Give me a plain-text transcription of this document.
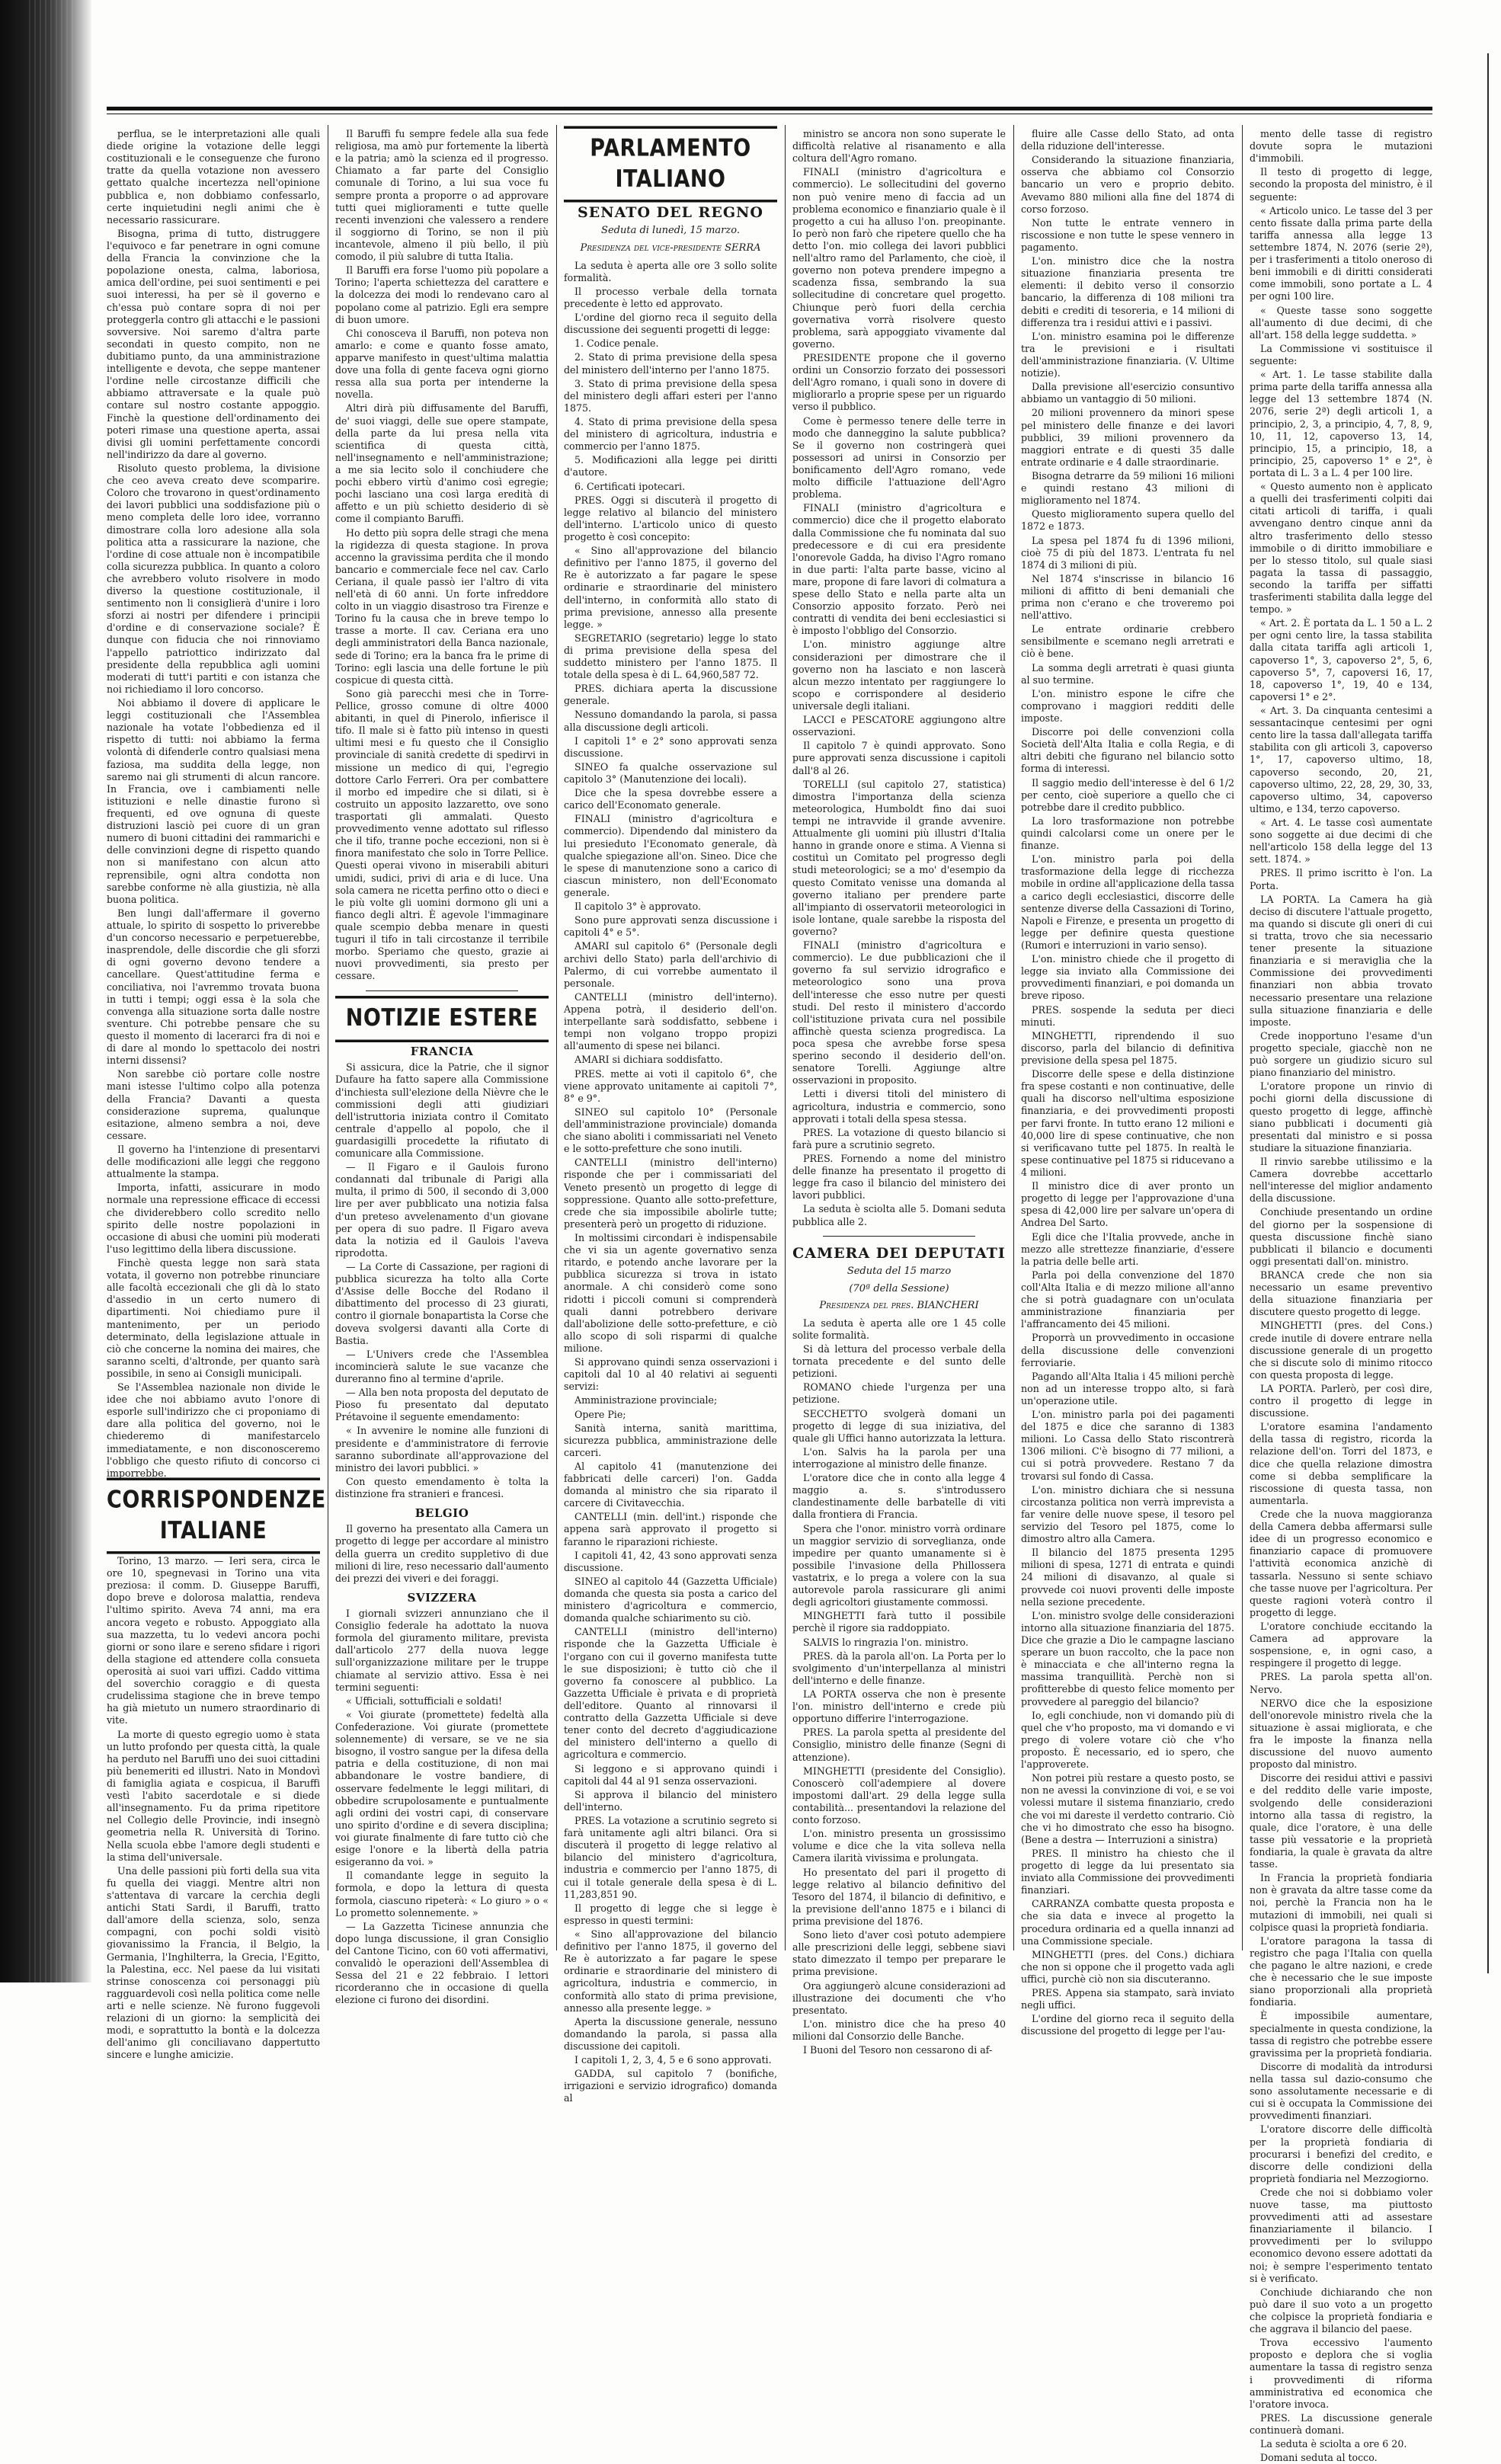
perflua, se le interpretazioni alle quali diede origine la votazione delle leggi costituzionali e le conseguenze che furono tratte da quella votazione non avessero gettato qualche incertezza nell'opinione pubblica e, non dobbiamo confessarlo, certe inquietudini negli animi che è necessario rassicurare.

Bisogna, prima di tutto, distruggere l'equivoco e far penetrare in ogni comune della Francia la convinzione che la popolazione onesta, calma, laboriosa, amica dell'ordine, pei suoi sentimenti e pei suoi interessi, ha per sè il governo e ch'essa può contare sopra di noi per proteggerla contro gli attacchi e le passioni sovversive. Noi saremo d'altra parte secondati in questo compito, non ne dubitiamo punto, da una amministrazione intelligente e devota, che seppe mantener l'ordine nelle circostanze difficili che abbiamo attraversate e la quale può contare sul nostro costante appoggio. Finchè la questione dell'ordinamento dei poteri rimase una questione aperta, assai divisi gli uomini perfettamente concordi nell'indirizzo da dare al governo.

Risoluto questo problema, la divisione che ceo aveva creato deve scomparire. Coloro che trovarono in quest'ordinamento dei lavori pubblici una soddisfazione più o meno completa delle loro idee, vorranno dimostrare colla loro adesione alla sola politica atta a rassicurare la nazione, che l'ordine di cose attuale non è incompatibile colla sicurezza pubblica. In quanto a coloro che avrebbero voluto risolvere in modo diverso la questione costituzionale, il sentimento non li consiglierà d'unire i loro sforzi ai nostri per difendere i principii d'ordine e di conservazione sociale? È dunque con fiducia che noi rinnoviamo l'appello patriottico indirizzato dal presidente della repubblica agli uomini moderati di tutt'i partiti e con istanza che noi richiediamo il loro concorso.

Noi abbiamo il dovere di applicare le leggi costituzionali che l'Assemblea nazionale ha votate l'obbedienza ed il rispetto di tutti: noi abbiamo la ferma volontà di difenderle contro qualsiasi mena faziosa, ma suddita della legge, non saremo nai gli strumenti di alcun rancore. In Francia, ove i cambiamenti nelle istituzioni e nelle dinastie furono sì frequenti, ed ove ognuna di queste distruzioni lasciò pei cuore di un gran numero di buoni cittadini dei rammarichi e delle convinzioni degne di rispetto quando non si manifestano con alcun atto reprensibile, ogni altra condotta non sarebbe conforme nè alla giustizia, nè alla buona politica.

Ben lungi dall'affermare il governo attuale, lo spirito di sospetto lo priverebbe d'un concorso necessario e perpetuerebbe, inasprendole, delle discordie che gli sforzi di ogni governo devono tendere a cancellare. Quest'attitudine ferma e conciliativa, noi l'avremmo trovata buona in tutti i tempi; oggi essa è la sola che convenga alla situazione sorta dalle nostre sventure. Chi potrebbe pensare che su questo il momento di lacerarci fra di noi e di dare al mondo lo spettacolo dei nostri interni dissensi?

Non sarebbe ciò portare colle nostre mani istesse l'ultimo colpo alla potenza della Francia? Davanti a questa considerazione suprema, qualunque esitazione, almeno sembra a noi, deve cessare.

Il governo ha l'intenzione di presentarvi delle modificazioni alle leggi che reggono attualmente la stampa.

Importa, infatti, assicurare in modo normale una repressione efficace di eccessi che dividerebbero collo scredito nello spirito delle nostre popolazioni in occasione di abusi che uomini più moderati l'uso legittimo della libera discussione.

Finchè questa legge non sarà stata votata, il governo non potrebbe rinunciare alle facoltà eccezionali che gli dà lo stato d'assedio in un certo numero di dipartimenti. Noi chiediamo pure il mantenimento, per un periodo determinato, della legislazione attuale in ciò che concerne la nomina dei maires, che saranno scelti, d'altronde, per quanto sarà possibile, in seno ai Consigli municipali.

Se l'Assemblea nazionale non divide le idee che noi abbiamo avuto l'onore di esporle sull'indirizzo che ci proponiamo di dare alla politica del governo, noi le chiederemo di manifestarcelo immediatamente, e non disconosceremo l'obbligo che questo rifiuto di concorso ci imporrebbe.

CORRISPONDENZE ITALIANE

Torino, 13 marzo. — Ieri sera, circa le ore 10, spegnevasi in Torino una vita preziosa: il comm. D. Giuseppe Baruffi, dopo breve e dolorosa malattia, rendeva l'ultimo spirito. Aveva 74 anni, ma era ancora vegeto e robusto. Appoggiato alla sua mazzetta, tu lo vedevi ancora pochi giorni or sono ilare e sereno sfidare i rigori della stagione ed attendere colla consueta operosità ai suoi vari uffizi. Caddo vittima del soverchio coraggio e di questa crudelissima stagione che in breve tempo ha già mietuto un numero straordinario di vite.

La morte di questo egregio uomo è stata un lutto profondo per questa città, la quale ha perduto nel Baruffi uno dei suoi cittadini più benemeriti ed illustri. Nato in Mondovì di famiglia agiata e cospicua, il Baruffi vestì l'abito sacerdotale e si diede all'insegnamento. Fu da prima ripetitore nel Collegio delle Provincie, indi insegnò geometria nella R. Università di Torino. Nella scuola ebbe l'amore degli studenti e la stima dell'universale.

Una delle passioni più forti della sua vita fu quella dei viaggi. Mentre altri non s'attentava di varcare la cerchia degli antichi Stati Sardi, il Baruffi, tratto dall'amore della scienza, solo, senza compagni, con pochi soldi visitò giovanissimo la Francia, il Belgio, la Germania, l'Inghilterra, la Grecia, l'Egitto, la Palestina, ecc. Nel paese da lui visitati strinse conoscenza coi personaggi più ragguardevoli così nella politica come nelle arti e nelle scienze. Nè furono fuggevoli relazioni di un giorno: la semplicità dei modi, e soprattutto la bontà e la dolcezza dell'animo gli conciliavano dappertutto sincere e lunghe amicizie.

Il Baruffi fu sempre fedele alla sua fede religiosa, ma amò pur fortemente la libertà e la patria; amò la scienza ed il progresso. Chiamato a far parte del Consiglio comunale di Torino, a lui sua voce fu sempre pronta a proporre o ad approvare tutti quei miglioramenti e tutte quelle recenti invenzioni che valessero a rendere il soggiorno di Torino, se non il più incantevole, almeno il più bello, il più comodo, il più salubre di tutta Italia.

Il Baruffi era forse l'uomo più popolare a Torino; l'aperta schiettezza del carattere e la dolcezza dei modi lo rendevano caro al popolano come al patrizio. Egli era sempre di buon umore.

Chi conosceva il Baruffi, non poteva non amarlo: e come e quanto fosse amato, apparve manifesto in quest'ultima malattia dove una folla di gente faceva ogni giorno ressa alla sua porta per intenderne la novella.

Altri dirà più diffusamente del Baruffi, de' suoi viaggi, delle sue opere stampate, della parte da lui presa nella vita scientifica di questa città, nell'insegnamento e nell'amministrazione; a me sia lecito solo il conchiudere che pochi ebbero virtù d'animo così egregie; pochi lasciano una così larga eredità di affetto e un più schietto desiderio di sè come il compianto Baruffi.

Ho detto più sopra delle stragi che mena la rigidezza di questa stagione. In prova accenno la gravissima perdita che il mondo bancario e commerciale fece nel cav. Carlo Ceriana, il quale passò ier l'altro di vita nell'età di 60 anni. Un forte infreddore colto in un viaggio disastroso tra Firenze e Torino fu la causa che in breve tempo lo trasse a morte. Il cav. Ceriana era uno degli amministratori della Banca nazionale, sede di Torino; era la banca fra le prime di Torino: egli lascia una delle fortune le più cospicue di questa città.

Sono già parecchi mesi che in Torre-Pellice, grosso comune di oltre 4000 abitanti, in quel di Pinerolo, infierisce il tifo. Il male si è fatto più intenso in questi ultimi mesi e fu questo che il Consiglio provinciale di sanità credette di spedirvi in missione un medico di qui, l'egregio dottore Carlo Ferreri. Ora per combattere il morbo ed impedire che si dilati, si è costruito un apposito lazzaretto, ove sono trasportati gli ammalati. Questo provvedimento venne adottato sul riflesso che il tifo, tranne poche eccezioni, non si è finora manifestato che solo in Torre Pellice. Questi operai vivono in miserabili abituri umidi, sudici, privi di aria e di luce. Una sola camera ne ricetta perfino otto o dieci e le più volte gli uomini dormono gli uni a fianco degli altri. È agevole l'immaginare quale scempio debba menare in questi tuguri il tifo in tali circostanze il terribile morbo. Speriamo che questo, grazie ai nuovi provvedimenti, sia presto per cessare.

NOTIZIE ESTERE
FRANCIA

Si assicura, dice la Patrie, che il signor Dufaure ha fatto sapere alla Commissione d'inchiesta sull'elezione della Nièvre che le commissioni degli atti giudiziari dell'istruttoria iniziata contro il Comitato centrale d'appello al popolo, che il guardasigilli procedette la rifiutato di comunicare alla Commissione.

— Il Figaro e il Gaulois furono condannati dal tribunale di Parigi alla multa, il primo di 500, il secondo di 3,000 lire per aver pubblicato una notizia falsa d'un preteso avvelenamento d'un giovane per opera di suo padre. Il Figaro aveva data la notizia ed il Gaulois l'aveva riprodotta.

— La Corte di Cassazione, per ragioni di pubblica sicurezza ha tolto alla Corte d'Assise delle Bocche del Rodano il dibattimento del processo di 23 giurati, contro il giornale bonapartista la Corse che doveva svolgersi davanti alla Corte di Bastia.

— L'Univers crede che l'Assemblea incomincierà salute le sue vacanze che dureranno fino al termine d'aprile.

— Alla ben nota proposta del deputato de Pioso fu presentato dal deputato Prétavoine il seguente emendamento:

« In avvenire le nomine alle funzioni di presidente e d'amministratore di ferrovie saranno subordinate all'approvazione del ministro dei lavori pubblici. »

Con questo emendamento è tolta la distinzione fra stranieri e francesi.

BELGIO

Il governo ha presentato alla Camera un progetto di legge per accordare al ministro della guerra un credito suppletivo di due milioni di lire, reso necessario dall'aumento dei prezzi dei viveri e dei foraggi.

SVIZZERA

I giornali svizzeri annunziano che il Consiglio federale ha adottato la nuova formola del giuramento militare, prevista dall'articolo 277 della nuova legge sull'organizzazione militare per le truppe chiamate al servizio attivo. Essa è nei termini seguenti:

« Ufficiali, sottufficiali e soldati!

« Voi giurate (promettete) fedeltà alla Confederazione. Voi giurate (promettete solennemente) di versare, se ve ne sia bisogno, il vostro sangue per la difesa della patria e della costituzione, di non mai abbandonare le vostre bandiere, di osservare fedelmente le leggi militari, di obbedire scrupolosamente e puntualmente agli ordini dei vostri capi, di conservare uno spirito d'ordine e di severa disciplina; voi giurate finalmente di fare tutto ciò che esige l'onore e la libertà della patria esigeranno da voi. »

Il comandante legge in seguito la formola, e dopo la lettura di questa formola, ciascuno ripeterà: « Lo giuro » o « Lo prometto solennemente. »

— La Gazzetta Ticinese annunzia che dopo lunga discussione, il gran Consiglio del Cantone Ticino, con 60 voti affermativi, convalidò le operazioni dell'Assemblea di Sessa del 21 e 22 febbraio. I lettori ricorderanno che in occasione di quella elezione ci furono dei disordini.

PARLAMENTO ITALIANO
SENATO DEL REGNO
Seduta di lunedì, 15 marzo.
Presidenza del vice-presidente SERRA

La seduta è aperta alle ore 3 sollo solite formalità.

Il processo verbale della tornata precedente è letto ed approvato.

L'ordine del giorno reca il seguito della discussione dei seguenti progetti di legge:

1. Codice penale.

2. Stato di prima previsione della spesa del ministero dell'interno per l'anno 1875.

3. Stato di prima previsione della spesa del ministero degli affari esteri per l'anno 1875.

4. Stato di prima previsione della spesa del ministero di agricoltura, industria e commercio per l'anno 1875.

5. Modificazioni alla legge pei diritti d'autore.

6. Certificati ipotecari.

PRES. Oggi si discuterà il progetto di legge relativo al bilancio del ministero dell'interno. L'articolo unico di questo progetto è così concepito:

« Sino all'approvazione del bilancio definitivo per l'anno 1875, il governo del Re è autorizzato a far pagare le spese ordinarie e straordinarie del ministero dell'interno, in conformità allo stato di prima previsione, annesso alla presente legge. »

SEGRETARIO (segretario) legge lo stato di prima previsione della spesa del suddetto ministero per l'anno 1875. Il totale della spesa è di L. 64,960,587 72.

PRES. dichiara aperta la discussione generale.

Nessuno domandando la parola, si passa alla discussione degli articoli.

I capitoli 1° e 2° sono approvati senza discussione.

SINEO fa qualche osservazione sul capitolo 3° (Manutenzione dei locali).

Dice che la spesa dovrebbe essere a carico dell'Economato generale.

FINALI (ministro d'agricoltura e commercio). Dipendendo dal ministero da lui presieduto l'Economato generale, dà qualche spiegazione all'on. Sineo. Dice che le spese di manutenzione sono a carico di ciascun ministero, non dell'Economato generale.

Il capitolo 3° è approvato.

Sono pure approvati senza discussione i capitoli 4° e 5°.

AMARI sul capitolo 6° (Personale degli archivi dello Stato) parla dell'archivio di Palermo, di cui vorrebbe aumentato il personale.

CANTELLI (ministro dell'interno). Appena potrà, il desiderio dell'on. interpellante sarà soddisfatto, sebbene i tempi non volgano troppo propizi all'aumento di spese nei bilanci.

AMARI si dichiara soddisfatto.

PRES. mette ai voti il capitolo 6°, che viene approvato unitamente ai capitoli 7°, 8° e 9°.

SINEO sul capitolo 10° (Personale dell'amministrazione provinciale) domanda che siano aboliti i commissariati nel Veneto e le sotto-prefetture che sono inutili.

CANTELLI (ministro dell'interno) risponde che per i commissariati del Veneto presentò un progetto di legge di soppressione. Quanto alle sotto-prefetture, crede che sia impossibile abolirle tutte; presenterà però un progetto di riduzione.

In moltissimi circondari è indispensabile che vi sia un agente governativo senza ritardo, e potendo anche lavorare per la pubblica sicurezza si trova in istato anormale. A chi considerò come sono ridotti i piccoli comuni si comprenderà quali danni potrebbero derivare dall'abolizione delle sotto-prefetture, e ciò allo scopo di soli risparmi di qualche milione.

Si approvano quindi senza osservazioni i capitoli dal 10 al 40 relativi ai seguenti servizi:

Amministrazione provinciale;

Opere Pie;

Sanità interna, sanità marittima, sicurezza pubblica, amministrazione delle carceri.

Al capitolo 41 (manutenzione dei fabbricati delle carceri) l'on. Gadda domanda al ministro che sia riparato il carcere di Civitavecchia.

CANTELLI (min. dell'int.) risponde che appena sarà approvato il progetto si faranno le riparazioni richieste.

I capitoli 41, 42, 43 sono approvati senza discussione.

SINEO al capitolo 44 (Gazzetta Ufficiale) domanda che questa sia posta a carico del ministero d'agricoltura e commercio, domanda qualche schiarimento su ciò.

CANTELLI (ministro dell'interno) risponde che la Gazzetta Ufficiale è l'organo con cui il governo manifesta tutte le sue disposizioni; è tutto ciò che il governo fa conoscere al pubblico. La Gazzetta Ufficiale è privata e di proprietà dell'editore. Quanto al rinnovarsi il contratto della Gazzetta Ufficiale si deve tener conto del decreto d'aggiudicazione del ministero dell'interno a quello di agricoltura e commercio.

Si leggono e si approvano quindi i capitoli dal 44 al 91 senza osservazioni.

Si approva il bilancio del ministero dell'interno.

PRES. La votazione a scrutinio segreto si farà unitamente agli altri bilanci. Ora si discuterà il progetto di legge relativo al bilancio del ministero d'agricoltura, industria e commercio per l'anno 1875, di cui il totale generale della spesa è di L. 11,283,851 90.

Il progetto di legge che si legge è espresso in questi termini:

« Sino all'approvazione del bilancio definitivo per l'anno 1875, il governo del Re è autorizzato a far pagare le spese ordinarie e straordinarie del ministero di agricoltura, industria e commercio, in conformità allo stato di prima previsione, annesso alla presente legge. »

Aperta la discussione generale, nessuno domandando la parola, si passa alla discussione dei capitoli.

I capitoli 1, 2, 3, 4, 5 e 6 sono approvati.

GADDA, sul capitolo 7 (bonifiche, irrigazioni e servizio idrografico) domanda al

ministro se ancora non sono superate le difficoltà relative al risanamento e alla coltura dell'Agro romano.

FINALI (ministro d'agricoltura e commercio). Le sollecitudini del governo non può venire meno di faccia ad un problema economico e finanziario quale è il progetto a cui ha alluso l'on. preopinante. Io però non farò che ripetere quello che ha detto l'on. mio collega dei lavori pubblici nell'altro ramo del Parlamento, che cioè, il governo non poteva prendere impegno a scadenza fissa, sembrando la sua sollecitudine di concretare quel progetto. Chiunque però fuori della cerchia governativa vorrà risolvere questo problema, sarà appoggiato vivamente dal governo.

PRESIDENTE propone che il governo ordini un Consorzio forzato dei possessori dell'Agro romano, i quali sono in dovere di migliorarlo a proprie spese per un riguardo verso il pubblico.

Come è permesso tenere delle terre in modo che danneggino la salute pubblica? Se il governo non costringerà quei possessori ad unirsi in Consorzio per bonificamento dell'Agro romano, vede molto difficile l'attuazione dell'Agro problema.

FINALI (ministro d'agricoltura e commercio) dice che il progetto elaborato dalla Commissione che fu nominata dal suo predecessore e di cui era presidente l'onorevole Gadda, ha diviso l'Agro romano in due parti: l'alta parte basse, vicino al mare, propone di fare lavori di colmatura a spese dello Stato e nella parte alta un Consorzio apposito forzato. Però nei contratti di vendita dei beni ecclesiastici si è imposto l'obbligo del Consorzio.

L'on. ministro aggiunge altre considerazioni per dimostrare che il governo non ha lasciato e non lascerà alcun mezzo intentato per raggiungere lo scopo e corrispondere al desiderio universale degli italiani.

LACCI e PESCATORE aggiungono altre osservazioni.

Il capitolo 7 è quindi approvato. Sono pure approvati senza discussione i capitoli dall'8 al 26.

TORELLI (sul capitolo 27, statistica) dimostra l'importanza della scienza meteorologica, Humboldt fino dai suoi tempi ne intravvide il grande avvenire. Attualmente gli uomini più illustri d'Italia hanno in grande onore e stima. A Vienna si costituì un Comitato pel progresso degli studi meteorologici; se a mo' d'esempio da questo Comitato venisse una domanda al governo italiano per prendere parte all'impianto di osservatorii meteorologici in isole lontane, quale sarebbe la risposta del governo?

FINALI (ministro d'agricoltura e commercio). Le due pubblicazioni che il governo fa sul servizio idrografico e meteorologico sono una prova dell'interesse che esso nutre per questi studi. Del resto il ministero d'accordo coll'istituzione privata cura nel possibile affinchè questa scienza progredisca. La poca spesa che avrebbe forse spesa sperino secondo il desiderio dell'on. senatore Torelli. Aggiunge altre osservazioni in proposito.

Letti i diversi titoli del ministero di agricoltura, industria e commercio, sono approvati i totali della spesa stessa.

PRES. La votazione di questo bilancio si farà pure a scrutinio segreto.

PRES. Fornendo a nome del ministro delle finanze ha presentato il progetto di legge fra caso il bilancio del ministero dei lavori pubblici.

La seduta è sciolta alle 5. Domani seduta pubblica alle 2.

CAMERA DEI DEPUTATI
Seduta del 15 marzo
(70ª della Sessione)
Presidenza del pres. BIANCHERI

La seduta è aperta alle ore 1 45 colle solite formalità.

Si dà lettura del processo verbale della tornata precedente e del sunto delle petizioni.

ROMANO chiede l'urgenza per una petizione.

SECCHETTO svolgerà domani un progetto di legge di sua iniziativa, del quale gli Uffici hanno autorizzata la lettura.

L'on. Salvis ha la parola per una interrogazione al ministro delle finanze.

L'oratore dice che in conto alla legge 4 maggio a. s. s'introdussero clandestinamente delle barbatelle di viti dalla frontiera di Francia.

Spera che l'onor. ministro vorrà ordinare un maggior servizio di sorveglianza, onde impedire per quanto umanamente si è possibile l'invasione della Phillossera vastatrix, e lo prega a volere con la sua autorevole parola rassicurare gli animi degli agricoltori giustamente commossi.

MINGHETTI farà tutto il possibile perchè il rigore sia raddoppiato.

SALVIS lo ringrazia l'on. ministro.

PRES. dà la parola all'on. La Porta per lo svolgimento d'un'interpellanza al ministri dell'interno e delle finanze.

LA PORTA osserva che non è presente l'on. ministro dell'interno e crede più opportuno differire l'interrogazione.

PRES. La parola spetta al presidente del Consiglio, ministro delle finanze (Segni di attenzione).

MINGHETTI (presidente del Consiglio). Conoscerò coll'adempiere al dovere impostomi dall'art. 29 della legge sulla contabilità... presentandovi la relazione del conto forzoso.

L'on. ministro presenta un grossissimo volume e dice che la vita solleva nella Camera ilarità vivissima e prolungata.

Ho presentato del pari il progetto di legge relativo al bilancio definitivo del Tesoro del 1874, il bilancio di definitivo, e la previsione dell'anno 1875 e i bilanci di prima previsione del 1876.

Sono lieto d'aver così potuto adempiere alle prescrizioni delle leggi, sebbene siavi stato dimezzato il tempo per preparare le prima previsione.

Ora aggiungerò alcune considerazioni ad illustrazione dei documenti che v'ho presentato.

L'on. ministro dice che ha preso 40 milioni dal Consorzio delle Banche.

I Buoni del Tesoro non cessarono di af-

fluire alle Casse dello Stato, ad onta della riduzione dell'interesse.

Considerando la situazione finanziaria, osserva che abbiamo col Consorzio bancario un vero e proprio debito. Avevamo 880 milioni alla fine del 1874 di corso forzoso.

Non tutte le entrate vennero in riscossione e non tutte le spese vennero in pagamento.

L'on. ministro dice che la nostra situazione finanziaria presenta tre elementi: il debito verso il consorzio bancario, la differenza di 108 milioni tra debiti e crediti di tesoreria, e 14 milioni di differenza tra i residui attivi e i passivi.

L'on. ministro esamina poi le differenze tra le previsioni e i risultati dell'amministrazione finanziaria. (V. Ultime notizie).

Dalla previsione all'esercizio consuntivo abbiamo un vantaggio di 50 milioni.

20 milioni provennero da minori spese pel ministero delle finanze e dei lavori pubblici, 39 milioni provennero da maggiori entrate e di questi 35 dalle entrate ordinarie e 4 dalle straordinarie.

Bisogna detrarre da 59 milioni 16 milioni e quindi restano 43 milioni di miglioramento nel 1874.

Questo miglioramento supera quello del 1872 e 1873.

La spesa pel 1874 fu di 1396 milioni, cioè 75 di più del 1873. L'entrata fu nel 1874 di 3 milioni di più.

Nel 1874 s'inscrisse in bilancio 16 milioni di affitto di beni demaniali che prima non c'erano e che troveremo poi nell'attivo.

Le entrate ordinarie crebbero sensibilmente e scemano negli arretrati e ciò è bene.

La somma degli arretrati è quasi giunta al suo termine.

L'on. ministro espone le cifre che comprovano i maggiori redditi delle imposte.

Discorre poi delle convenzioni colla Società dell'Alta Italia e colla Regia, e di altri debiti che figurano nel bilancio sotto forma di interessi.

Il saggio medio dell'interesse è del 6 1/2 per cento, cioè superiore a quello che ci potrebbe dare il credito pubblico.

La loro trasformazione non potrebbe quindi calcolarsi come un onere per le finanze.

L'on. ministro parla poi della trasformazione della legge di ricchezza mobile in ordine all'applicazione della tassa a carico degli ecclesiastici, discorre delle sentenze diverse della Cassazioni di Torino, Napoli e Firenze, e presenta un progetto di legge per definire questa questione (Rumori e interruzioni in vario senso).

L'on. ministro chiede che il progetto di legge sia inviato alla Commissione dei provvedimenti finanziari, e poi domanda un breve riposo.

PRES. sospende la seduta per dieci minuti.

MINGHETTI, riprendendo il suo discorso, parla del bilancio di definitiva previsione della spesa pel 1875.

Discorre delle spese e della distinzione fra spese costanti e non continuative, delle quali ha discorso nell'ultima esposizione finanziaria, e dei provvedimenti proposti per farvi fronte. In tutto erano 12 milioni e 40,000 lire di spese continuative, che non si verificavano tutte pel 1875. In realtà le spese continuative pel 1875 si riducevano a 4 milioni.

Il ministro dice di aver pronto un progetto di legge per l'approvazione d'una spesa di 42,000 lire per salvare un'opera di Andrea Del Sarto.

Egli dice che l'Italia provvede, anche in mezzo alle strettezze finanziarie, d'essere la patria delle belle arti.

Parla poi della convenzione del 1870 coll'Alta Italia e di mezzo milione all'anno che si potrà guadagnare con un'oculata amministrazione finanziaria per l'affrancamento dei 45 milioni.

Proporrà un provvedimento in occasione della discussione delle convenzioni ferroviarie.

Pagando all'Alta Italia i 45 milioni perchè non ad un interesse troppo alto, si farà un'operazione utile.

L'on. ministro parla poi dei pagamenti del 1875 e dice che saranno di 1383 milioni. Lo Cassa dello Stato riscontrerà 1306 milioni. C'è bisogno di 77 milioni, a cui si potrà provvedere. Restano 7 da trovarsi sul fondo di Cassa.

L'on. ministro dichiara che si nessuna circostanza politica non verrà imprevista a far venire delle nuove spese, il tesoro pel servizio del Tesoro pel 1875, come lo dimostro altro alla Camera.

Il bilancio del 1875 presenta 1295 milioni di spesa, 1271 di entrata e quindi 24 milioni di disavanzo, al quale si provvede coi nuovi proventi delle imposte nella sezione precedente.

L'on. ministro svolge delle considerazioni intorno alla situazione finanziaria del 1875. Dice che grazie a Dio le campagne lasciano sperare un buon raccolto, che la pace non è minacciata e che all'interno regna la massima tranquillità. Perchè non si profitterebbe di questo felice momento per provvedere al pareggio del bilancio?

Io, egli conchiude, non vi domando più di quel che v'ho proposto, ma vi domando e vi prego di volere votare ciò che v'ho proposto. È necessario, ed io spero, che l'approverete.

Non potrei più restare a questo posto, se non ne avessi la convinzione di voi, e se voi volessi mutare il sistema finanziario, credo che voi mi dareste il verdetto contrario. Ciò che vi ho dimostrato che esso ha bisogno. (Bene a destra — Interruzioni a sinistra)

PRES. Il ministro ha chiesto che il progetto di legge da lui presentato sia inviato alla Commissione dei provvedimenti finanziari.

CARRANZA combatte questa proposta e che sia data e invece al progetto la procedura ordinaria ed a quella innanzi ad una Commissione speciale.

MINGHETTI (pres. del Cons.) dichiara che non si oppone che il progetto vada agli uffici, purchè ciò non sia discuteranno.

PRES. Appena sia stampato, sarà inviato negli uffici.

L'ordine del giorno reca il seguito della discussione del progetto di legge per l'au-

mento delle tasse di registro dovute sopra le mutazioni d'immobili.

Il testo di progetto di legge, secondo la proposta del ministro, è il seguente:

« Articolo unico. Le tasse del 3 per cento fissate dalla prima parte della tariffa annessa alla legge 13 settembre 1874, N. 2076 (serie 2ª), per i trasferimenti a titolo oneroso di beni immobili e di diritti considerati come immobili, sono portate a L. 4 per ogni 100 lire.

« Queste tasse sono soggette all'aumento di due decimi, di che all'art. 158 della legge suddetta. »

La Commissione vi sostituisce il seguente:

« Art. 1. Le tasse stabilite dalla prima parte della tariffa annessa alla legge del 13 settembre 1874 (N. 2076, serie 2ª) degli articoli 1, a principio, 2, 3, a principio, 4, 7, 8, 9, 10, 11, 12, capoverso 13, 14, principio, 15, a principio, 18, a principio, 25, capoverso 1° e 2°, è portata di L. 3 a L. 4 per 100 lire.

« Questo aumento non è applicato a quelli dei trasferimenti colpiti dai citati articoli di tariffa, i quali avvengano dentro cinque anni da altro trasferimento dello stesso immobile o di diritto immobiliare e per lo stesso titolo, sul quale siasi pagata la tassa di passaggio, secondo la tariffa per siffatti trasferimenti stabilita dalla legge del tempo. »

« Art. 2. È portata da L. 1 50 a L. 2 per ogni cento lire, la tassa stabilita dalla citata tariffa agli articoli 1, capoverso 1°, 3, capoverso 2°, 5, 6, capoverso 5°, 7, capoversi 16, 17, 18, capoverso 1°, 19, 40 e 134, capoversi 1° e 2°.

« Art. 3. Da cinquanta centesimi a sessantacinque centesimi per ogni cento lire la tassa dall'allegata tariffa stabilita con gli articoli 3, capoverso 1°, 17, capoverso ultimo, 18, capoverso secondo, 20, 21, capoverso ultimo, 22, 28, 29, 30, 33, capoverso ultimo, 34, capoverso ultimo, e 134, terzo capoverso.

« Art. 4. Le tasse così aumentate sono soggette ai due decimi di che nell'articolo 158 della legge del 13 sett. 1874. »

PRES. Il primo iscritto è l'on. La Porta.

LA PORTA. La Camera ha già deciso di discutere l'attuale progetto, ma quando si discute gli oneri di cui si tratta, trovo che sia necessario tener presente la situazione finanziaria e si meraviglia che la Commissione dei provvedimenti finanziari non abbia trovato necessario presentare una relazione sulla situazione finanziaria e delle imposte.

Crede inopportuno l'esame d'un progetto speciale, giacchè non ne può sorgere un giudizio sicuro sul piano finanziario del ministro.

L'oratore propone un rinvio di pochi giorni della discussione di questo progetto di legge, affinchè siano pubblicati i documenti già presentati dal ministro e si possa studiare la situazione finanziaria.

Il rinvio sarebbe utilissimo e la Camera dovrebbe accettarlo nell'interesse del miglior andamento della discussione.

Conchiude presentando un ordine del giorno per la sospensione di questa discussione finchè siano pubblicati il bilancio e documenti oggi presentati dall'on. ministro.

BRANCA crede che non sia necessario un esame preventivo della situazione finanziaria per discutere questo progetto di legge.

MINGHETTI (pres. del Cons.) crede inutile di dovere entrare nella discussione generale di un progetto che si discute solo di minimo ritocco con questa proposta di legge.

LA PORTA. Parlerò, per così dire, contro il progetto di legge in discussione.

L'oratore esamina l'andamento della tassa di registro, ricorda la relazione dell'on. Torri del 1873, e dice che quella relazione dimostra come si debba semplificare la riscossione di questa tassa, non aumentarla.

Crede che la nuova maggioranza della Camera debba affermarsi sulle idee di un progresso economico e finanziario capace di promuovere l'attività economica anzichè di tassarla. Nessuno si sente schiavo che tasse nuove per l'agricoltura. Per queste ragioni voterà contro il progetto di legge.

L'oratore conchiude eccitando la Camera ad approvare la sospensione, e, in ogni caso, a respingere il progetto di legge.

PRES. La parola spetta all'on. Nervo.

NERVO dice che la esposizione dell'onorevole ministro rivela che la situazione è assai migliorata, e che fra le imposte la finanza nella discussione del nuovo aumento proposto dal ministro.

Discorre dei residui attivi e passivi e del reddito delle varie imposte, svolgendo delle considerazioni intorno alla tassa di registro, la quale, dice l'oratore, è una delle tasse più vessatorie e la proprietà fondiaria, la quale è gravata da altre tasse.

In Francia la proprietà fondiaria non è gravata da altre tasse come da noi, perchè la Francia non ha le mutazioni di immobili, nei quali si colpisce quasi la proprietà fondiaria.

L'oratore paragona la tassa di registro che paga l'Italia con quella che pagano le altre nazioni, e crede che è necessario che le sue imposte siano proporzionali alla proprietà fondiaria.

È impossibile aumentare, specialmente in questa condizione, la tassa di registro che potrebbe essere gravissima per la proprietà fondiaria.

Discorre di modalità da introdursi nella tassa sul dazio-consumo che sono assolutamente necessarie e di cui si è occupata la Commissione dei provvedimenti finanziari.

L'oratore discorre delle difficoltà per la proprietà fondiaria di procurarsi i benefizi del credito, e discorre delle condizioni della proprietà fondiaria nel Mezzogiorno.

Crede che noi si dobbiamo voler nuove tasse, ma piuttosto provvedimenti atti ad assestare finanziariamente il bilancio. I provvedimenti per lo sviluppo economico devono essere adottati da noi; è sempre l'esperimento tentato si è verificato.

Conchiude dichiarando che non può dare il suo voto a un progetto che colpisce la proprietà fondiaria e che aggrava il bilancio del paese.

Trova eccessivo l'aumento proposto e deplora che si voglia aumentare la tassa di registro senza i provvedimenti di riforma amministrativa ed economica che l'oratore invoca.

PRES. La discussione generale continuerà domani.

La seduta è sciolta a ore 6 20.

Domani seduta al tocco.
